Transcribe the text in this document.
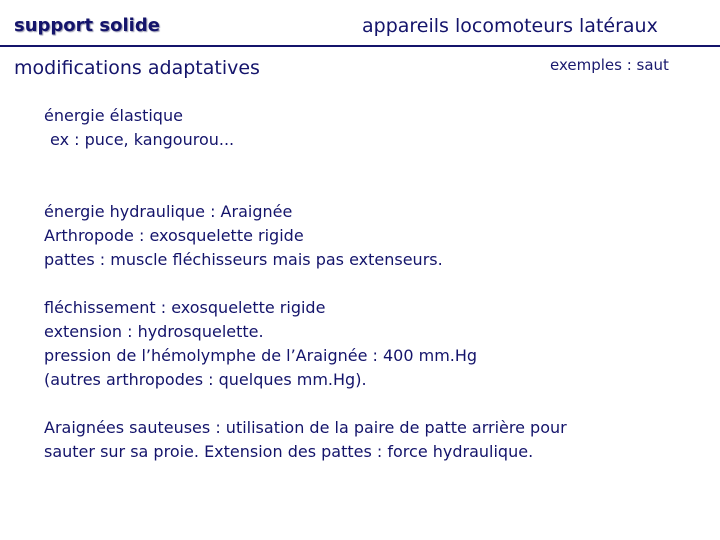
support solide	appareils locomoteurs latéraux
modifications adaptatives	exemples : saut
énergie élastique
ex : puce, kangourou...
énergie hydraulique : Araignée
Arthropode : exosquelette rigide
pattes : muscle fléchisseurs mais pas extenseurs.
fléchissement : exosquelette rigide
extension : hydrosquelette.
pression de l’hémolymphe de l’Araignée : 400 mm.Hg
(autres arthropodes : quelques mm.Hg).
Araignées sauteuses : utilisation de la paire de patte arrière pour
sauter sur sa proie. Extension des pattes : force hydraulique.
